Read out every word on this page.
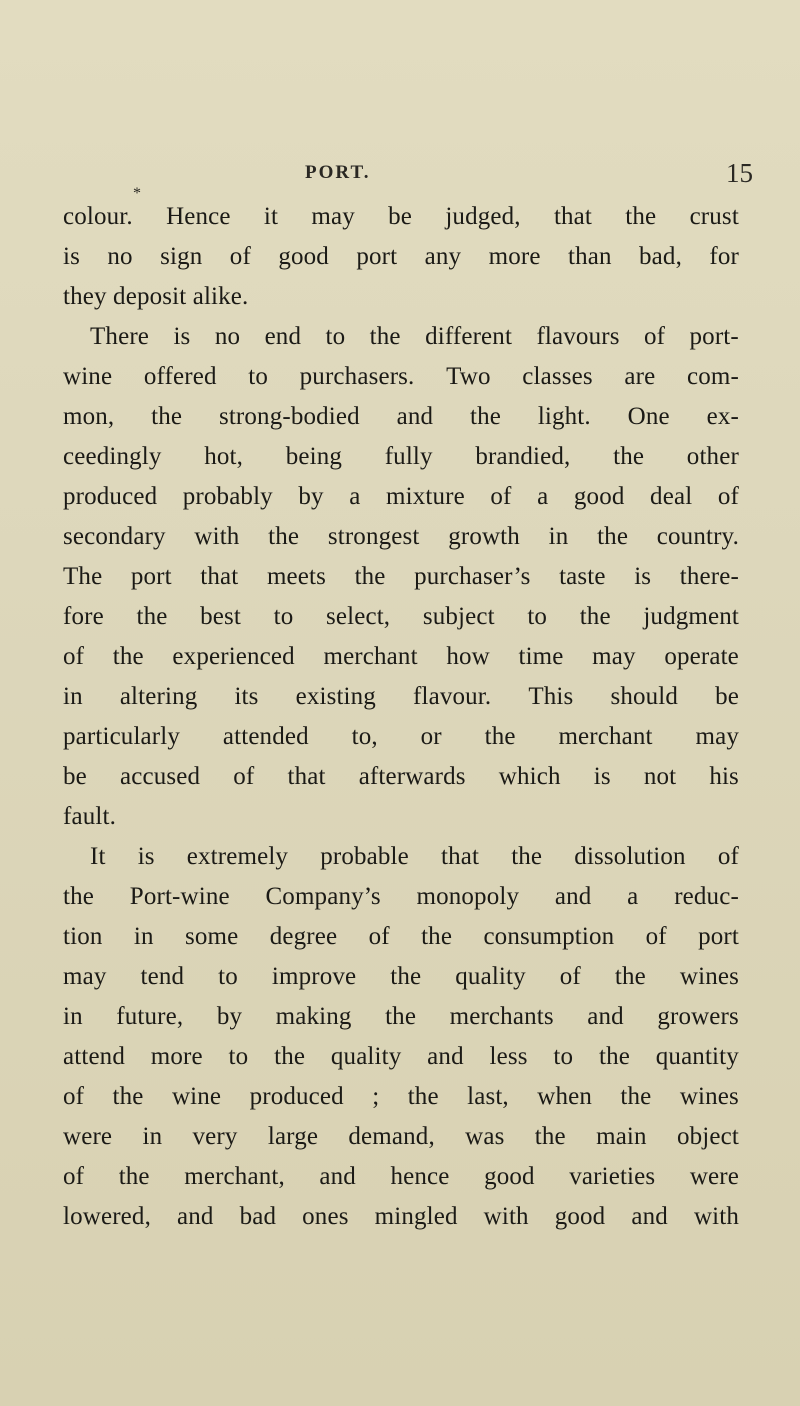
PORT.	15
*
colour. Hence it may be judged, that the crust
is no sign of good port any more than bad, for
they deposit alike.
There is no end to the different flavours of port-
wine offered to purchasers. Two classes are com-
mon, the strong-bodied and the light. One ex-
ceedingly hot, being fully brandied, the other
produced probably by a mixture of a good deal of
secondary with the strongest growth in the country.
The port that meets the purchaser’s taste is there-
fore the best to select, subject to the judgment
of the experienced merchant how time may operate
in altering its existing flavour. This should be
particularly attended to, or the merchant may
be accused of that afterwards which is not his
fault.
It is extremely probable that the dissolution of
the Port-wine Company’s monopoly and a reduc-
tion in some degree of the consumption of port
may tend to improve the quality of the wines
in future, by making the merchants and growers
attend more to the quality and less to the quantity
of the wine produced ; the last, when the wines
were in very large demand, was the main object
of the merchant, and hence good varieties were
lowered, and bad ones mingled with good and with
